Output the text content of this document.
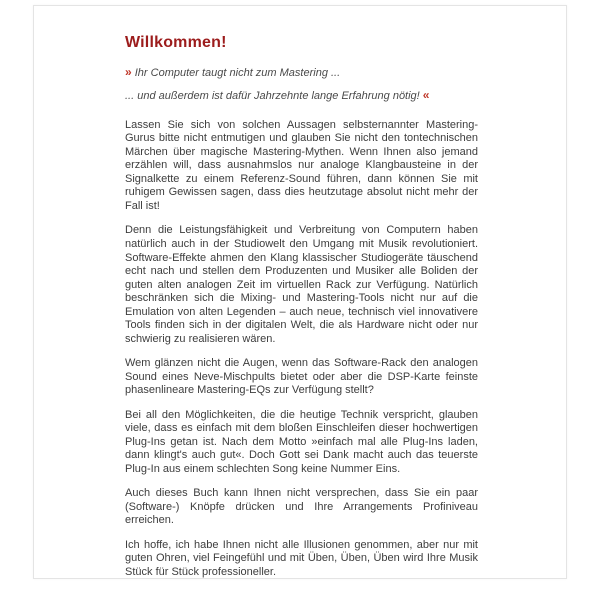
Willkommen!

» Ihr Computer taugt nicht zum Mastering ...

... und außerdem ist dafür Jahrzehnte lange Erfahrung nötig! «

Lassen Sie sich von solchen Aussagen selbsternannter Mastering-Gurus bitte nicht entmutigen und glauben Sie nicht den tontechnischen Märchen über magische Mastering-Mythen. Wenn Ihnen also jemand erzählen will, dass ausnahmslos nur analoge Klangbausteine in der Signalkette zu einem Referenz-Sound führen, dann können Sie mit ruhigem Gewissen sagen, dass dies heutzutage absolut nicht mehr der Fall ist!

Denn die Leistungsfähigkeit und Verbreitung von Computern haben natürlich auch in der Studiowelt den Umgang mit Musik revolutioniert. Software-Effekte ahmen den Klang klassischer Studiogeräte täuschend echt nach und stellen dem Produzenten und Musiker alle Boliden der guten alten analogen Zeit im virtuellen Rack zur Verfügung. Natürlich beschränken sich die Mixing- und Mastering-Tools nicht nur auf die Emulation von alten Legenden – auch neue, technisch viel innovativere Tools finden sich in der digitalen Welt, die als Hardware nicht oder nur schwierig zu realisieren wären.

Wem glänzen nicht die Augen, wenn das Software-Rack den analogen Sound eines Neve-Mischpults bietet oder aber die DSP-Karte feinste phasenlineare Mastering-EQs zur Verfügung stellt?

Bei all den Möglichkeiten, die die heutige Technik verspricht, glauben viele, dass es einfach mit dem bloßen Einschleifen dieser hochwertigen Plug-Ins getan ist. Nach dem Motto »einfach mal alle Plug-Ins laden, dann klingt's auch gut«. Doch Gott sei Dank macht auch das teuerste Plug-In aus einem schlechten Song keine Nummer Eins.

Auch dieses Buch kann Ihnen nicht versprechen, dass Sie ein paar (Software-) Knöpfe drücken und Ihre Arrangements Profiniveau erreichen.

Ich hoffe, ich habe Ihnen nicht alle Illusionen genommen, aber nur mit guten Ohren, viel Feingefühl und mit Üben, Üben, Üben wird Ihre Musik Stück für Stück professioneller.
